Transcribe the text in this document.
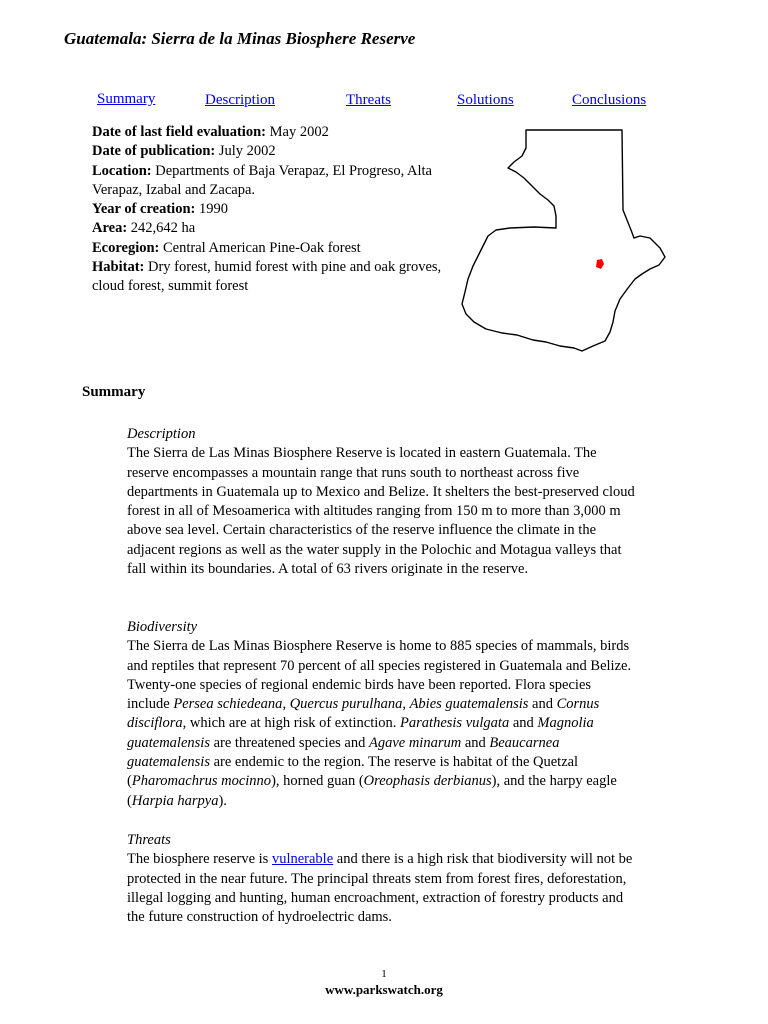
Guatemala: Sierra de la Minas Biosphere Reserve
Summary	Description	Threats	Solutions	Conclusions
Date of last field evaluation: May 2002
Date of publication: July 2002
Location: Departments of Baja Verapaz, El Progreso, Alta Verapaz, Izabal and Zacapa.
Year of creation: 1990
Area: 242,642 ha
Ecoregion: Central American Pine-Oak forest
Habitat: Dry forest, humid forest with pine and oak groves, cloud forest, summit forest
Summary
Description

The Sierra de Las Minas Biosphere Reserve is located in eastern Guatemala. The reserve encompasses a mountain range that runs south to northeast across five departments in Guatemala up to Mexico and Belize. It shelters the best-preserved cloud forest in all of Mesoamerica with altitudes ranging from 150 m to more than 3,000 m above sea level. Certain characteristics of the reserve influence the climate in the adjacent regions as well as the water supply in the Polochic and Motagua valleys that fall within its boundaries. A total of 63 rivers originate in the reserve.

Biodiversity

The Sierra de Las Minas Biosphere Reserve is home to 885 species of mammals, birds and reptiles that represent 70 percent of all species registered in Guatemala and Belize. Twenty-one species of regional endemic birds have been reported. Flora species include Persea schiedeana, Quercus purulhana, Abies guatemalensis and Cornus disciflora, which are at high risk of extinction. Parathesis vulgata and Magnolia guatemalensis are threatened species and Agave minarum and Beaucarnea guatemalensis are endemic to the region. The reserve is habitat of the Quetzal (Pharomachrus mocinno), horned guan (Oreophasis derbianus), and the harpy eagle (Harpia harpya).

Threats

The biosphere reserve is vulnerable and there is a high risk that biodiversity will not be protected in the near future. The principal threats stem from forest fires, deforestation, illegal logging and hunting, human encroachment, extraction of forestry products and the future construction of hydroelectric dams.

1
www.parkswatch.org
